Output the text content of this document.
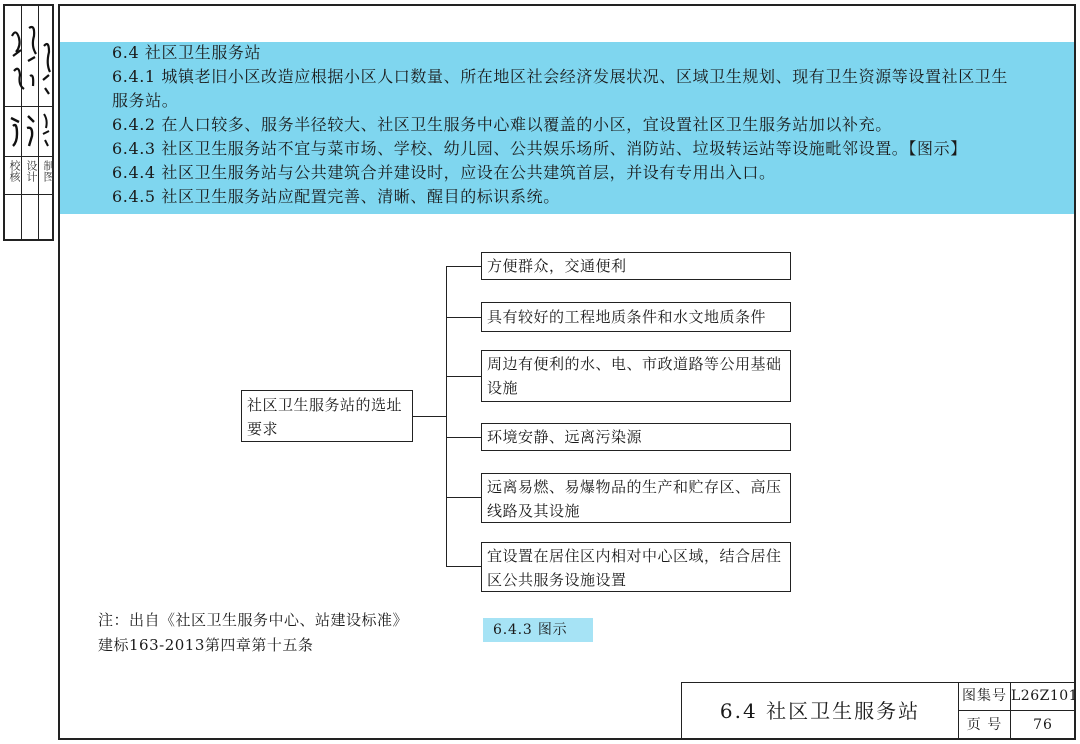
校核 设计 制图

6.4 社区卫生服务站

6.4.1 城镇老旧小区改造应根据小区人口数量、所在地区社会经济发展状况、区域卫生规划、现有卫生资源等设置社区卫生

服务站。

6.4.2 在人口较多、服务半径较大、社区卫生服务中心难以覆盖的小区，宜设置社区卫生服务站加以补充。

6.4.3 社区卫生服务站不宜与菜市场、学校、幼儿园、公共娱乐场所、消防站、垃圾转运站等设施毗邻设置。【图示】

6.4.4 社区卫生服务站与公共建筑合并建设时，应设在公共建筑首层，并设有专用出入口。

6.4.5 社区卫生服务站应配置完善、清晰、醒目的标识系统。

社区卫生服务站的选址要求
方便群众，交通便利
具有较好的工程地质条件和水文地质条件
周边有便利的水、电、市政道路等公用基础设施
环境安静、远离污染源
远离易燃、易爆物品的生产和贮存区、高压线路及其设施
宜设置在居住区内相对中心区域，结合居住区公共服务设施设置
注：出自《社区卫生服务中心、站建设标准》
建标163-2013第四章第十五条
6.4.3 图示
6.4 社区卫生服务站
图集号 L26Z101
页 号	76
